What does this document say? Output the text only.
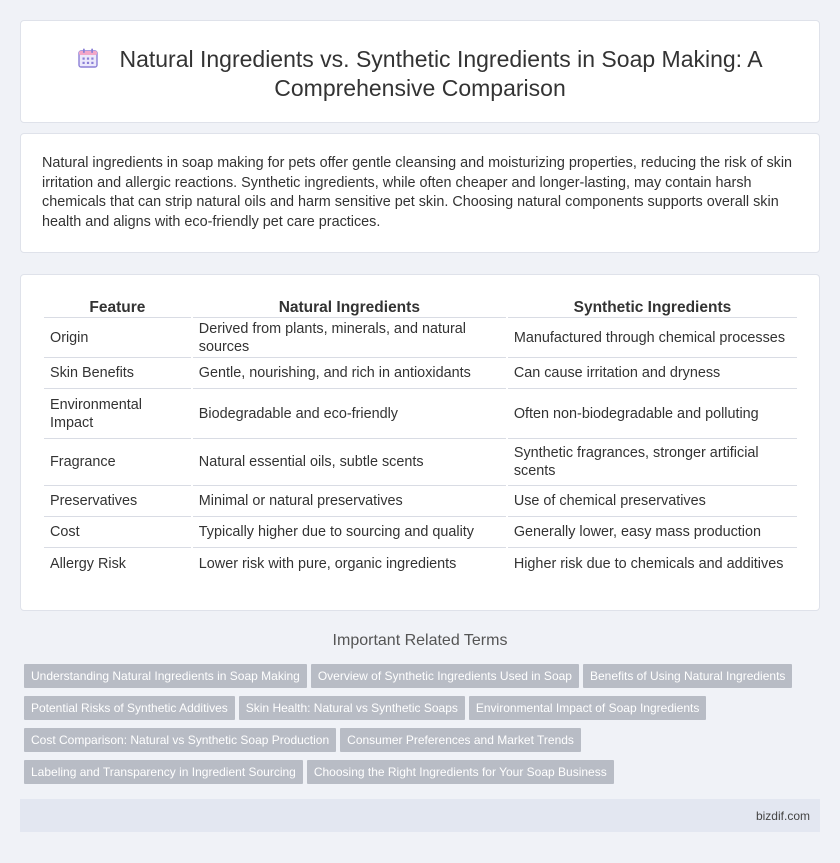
Natural Ingredients vs. Synthetic Ingredients in Soap Making: A Comprehensive Comparison

Natural ingredients in soap making for pets offer gentle cleansing and moisturizing properties, reducing the risk of skin irritation and allergic reactions. Synthetic ingredients, while often cheaper and longer-lasting, may contain harsh chemicals that can strip natural oils and harm sensitive pet skin. Choosing natural components supports overall skin health and aligns with eco-friendly pet care practices.

Feature	Natural Ingredients	Synthetic Ingredients
Origin	Derived from plants, minerals, and natural sources	Manufactured through chemical processes
Skin Benefits	Gentle, nourishing, and rich in antioxidants	Can cause irritation and dryness
Environmental Impact	Biodegradable and eco-friendly	Often non-biodegradable and polluting
Fragrance	Natural essential oils, subtle scents	Synthetic fragrances, stronger artificial scents
Preservatives	Minimal or natural preservatives	Use of chemical preservatives
Cost	Typically higher due to sourcing and quality	Generally lower, easy mass production
Allergy Risk	Lower risk with pure, organic ingredients	Higher risk due to chemicals and additives
Important Related Terms
Understanding Natural Ingredients in Soap Making Overview of Synthetic Ingredients Used in Soap Benefits of Using Natural Ingredients
Potential Risks of Synthetic Additives Skin Health: Natural vs Synthetic Soaps Environmental Impact of Soap Ingredients
Cost Comparison: Natural vs Synthetic Soap Production Consumer Preferences and Market Trends
Labeling and Transparency in Ingredient Sourcing Choosing the Right Ingredients for Your Soap Business
bizdif.com
